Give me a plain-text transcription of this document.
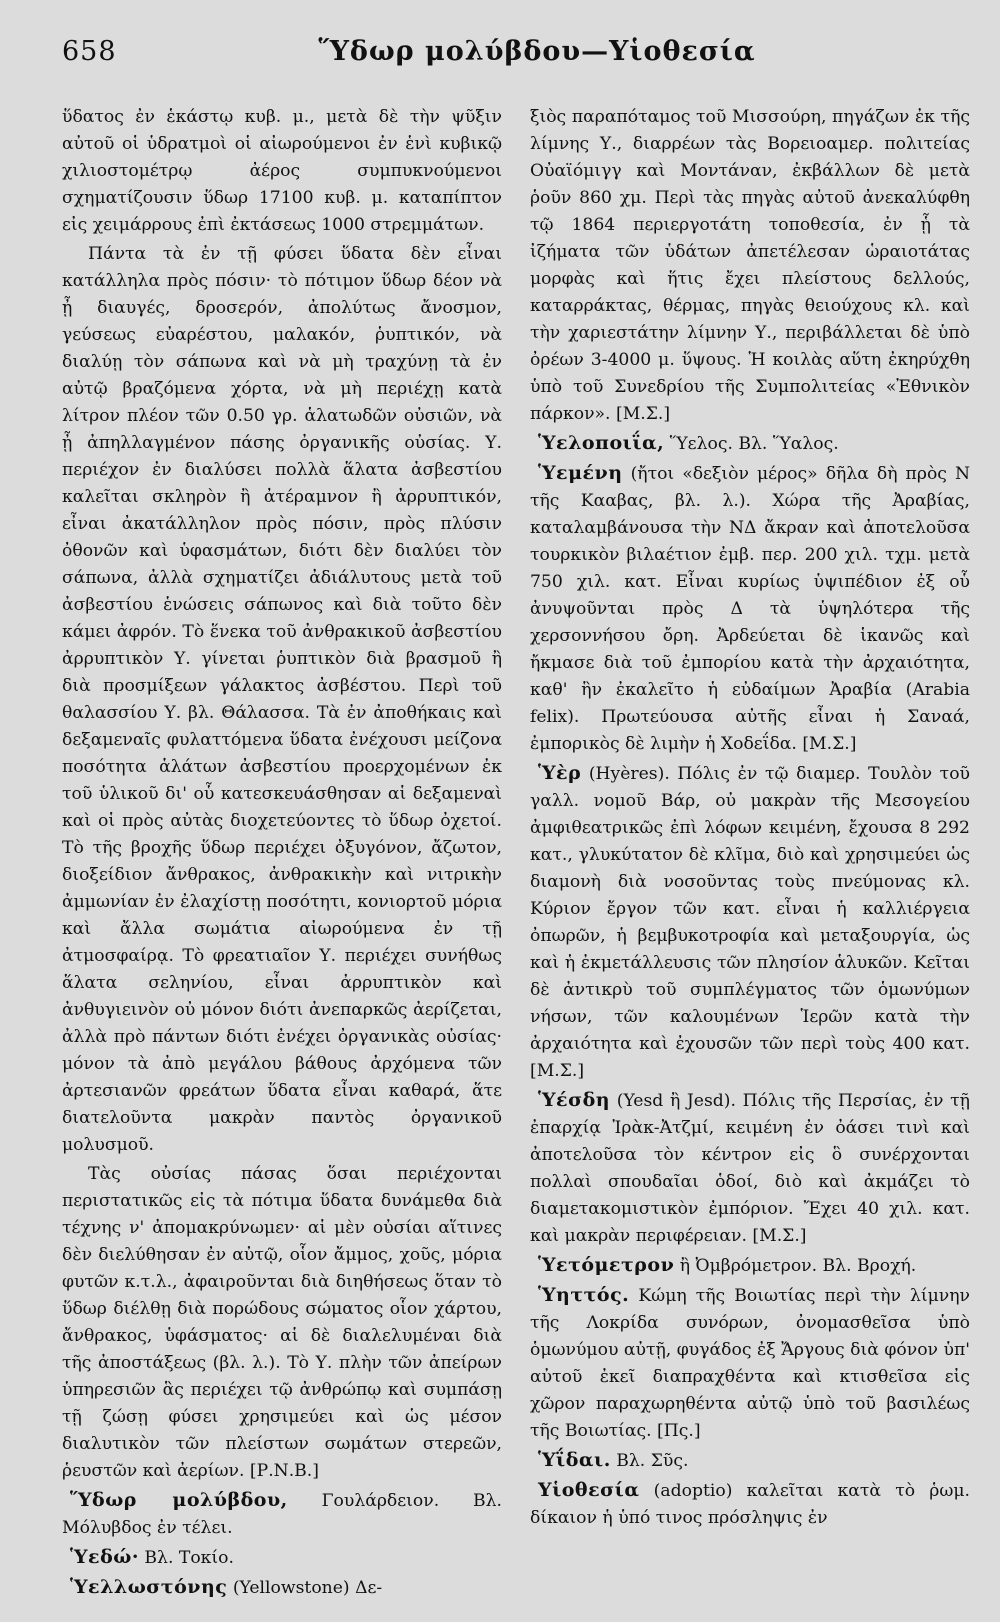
658	Ὕδωρ μολύβδου—Υἱοθεσία

ὕδατος ἐν ἑκάστῳ κυβ. μ., μετὰ δὲ τὴν ψῦξιν αὐτοῦ οἱ ὑδρατμοὶ οἱ αἰωρούμενοι ἐν ἑνὶ κυβικῷ χιλιοστομέτρῳ ἀέρος συμπυκνούμενοι σχηματίζουσιν ὕδωρ 17100 κυβ. μ. καταπίπτον εἰς χειμάρρους ἐπὶ ἐκτάσεως 1000 στρεμμάτων.

Πάντα τὰ ἐν τῇ φύσει ὕδατα δὲν εἶναι κατάλληλα πρὸς πόσιν· τὸ πότιμον ὕδωρ δέον νὰ ᾖ διαυγές, δροσερόν, ἀπολύτως ἄνοσμον, γεύσεως εὐαρέστου, μαλακόν, ῥυπτικόν, νὰ διαλύῃ τὸν σάπωνα καὶ νὰ μὴ τραχύνῃ τὰ ἐν αὐτῷ βραζόμενα χόρτα, νὰ μὴ περιέχῃ κατὰ λίτρον πλέον τῶν 0.50 γρ. ἁλατωδῶν οὐσιῶν, νὰ ᾖ ἀπηλλαγμένον πάσης ὀργανικῆς οὐσίας. Υ. περιέχον ἐν διαλύσει πολλὰ ἅλατα ἀσβεστίου καλεῖται σκληρὸν ἢ ἀτέραμνον ἢ ἀρρυπτικόν, εἶναι ἀκατάλληλον πρὸς πόσιν, πρὸς πλύσιν ὀθονῶν καὶ ὑφασμάτων, διότι δὲν διαλύει τὸν σάπωνα, ἀλλὰ σχηματίζει ἀδιάλυτους μετὰ τοῦ ἀσβεστίου ἑνώσεις σάπωνος καὶ διὰ τοῦτο δὲν κάμει ἀφρόν. Τὸ ἕνεκα τοῦ ἀνθρακικοῦ ἀσβεστίου ἀρρυπτικὸν Υ. γίνεται ῥυπτικὸν διὰ βρασμοῦ ἢ διὰ προσμίξεων γάλακτος ἀσβέστου. Περὶ τοῦ θαλασσίου Υ. βλ. Θάλασσα. Τὰ ἐν ἀποθήκαις καὶ δεξαμεναῖς φυλαττόμενα ὕδατα ἐνέχουσι μείζονα ποσότητα ἁλάτων ἀσβεστίου προερχομένων ἐκ τοῦ ὑλικοῦ δι' οὗ κατεσκευάσθησαν αἱ δεξαμεναὶ καὶ οἱ πρὸς αὐτὰς διοχετεύοντες τὸ ὕδωρ ὀχετοί. Τὸ τῆς βροχῆς ὕδωρ περιέχει ὀξυγόνον, ἄζωτον, διοξείδιον ἄνθρακος, ἀνθρακικὴν καὶ νιτρικὴν ἀμμωνίαν ἐν ἐλαχίστῃ ποσότητι, κονιορτοῦ μόρια καὶ ἄλλα σωμάτια αἰωρούμενα ἐν τῇ ἀτμοσφαίρᾳ. Τὸ φρεατιαῖον Υ. περιέχει συνήθως ἅλατα σεληνίου, εἶναι ἀρρυπτικὸν καὶ ἀνθυγιεινὸν οὐ μόνον διότι ἀνεπαρκῶς ἀερίζεται, ἀλλὰ πρὸ πάντων διότι ἐνέχει ὀργανικὰς οὐσίας· μόνον τὰ ἀπὸ μεγάλου βάθους ἀρχόμενα τῶν ἀρτεσιανῶν φρεάτων ὕδατα εἶναι καθαρά, ἅτε διατελοῦντα μακρὰν παντὸς ὀργανικοῦ μολυσμοῦ.

Τὰς οὐσίας πάσας ὅσαι περιέχονται περιστατικῶς εἰς τὰ πότιμα ὕδατα δυνάμεθα διὰ τέχνης ν' ἀπομακρύνωμεν· αἱ μὲν οὐσίαι αἵτινες δὲν διελύθησαν ἐν αὐτῷ, οἷον ἄμμος, χοῦς, μόρια φυτῶν κ.τ.λ., ἀφαιροῦνται διὰ διηθήσεως ὅταν τὸ ὕδωρ διέλθῃ διὰ πορώδους σώματος οἷον χάρτου, ἄνθρακος, ὑφάσματος· αἱ δὲ διαλελυμέναι διὰ τῆς ἀποστάξεως (βλ. λ.). Τὸ Υ. πλὴν τῶν ἀπείρων ὑπηρεσιῶν ἃς περιέχει τῷ ἀνθρώπῳ καὶ συμπάσῃ τῇ ζώσῃ φύσει χρησιμεύει καὶ ὡς μέσον διαλυτικὸν τῶν πλείστων σωμάτων στερεῶν, ῥευστῶν καὶ ἀερίων. [Ρ.Ν.Β.]

Ὕδωρ μολύβδου, Γουλάρδειον. Βλ. Μόλυβδος ἐν τέλει.

Ὑεδώ· Βλ. Τοκίο.

Ὑελλωστόνης (Yellowstone) Δε-

ξιὸς παραπόταμος τοῦ Μισσούρη, πηγάζων ἐκ τῆς λίμνης Υ., διαρρέων τὰς Βορειοαμερ. πολιτείας Οὐαϊόμιγγ καὶ Μοντάναν, ἐκβάλλων δὲ μετὰ ῥοῦν 860 χμ. Περὶ τὰς πηγὰς αὐτοῦ ἀνεκαλύφθη τῷ 1864 περιεργοτάτη τοποθεσία, ἐν ᾗ τὰ ἰζήματα τῶν ὑδάτων ἀπετέλεσαν ὡραιοτάτας μορφὰς καὶ ἥτις ἔχει πλείστους δελλούς, καταρράκτας, θέρμας, πηγὰς θειούχους κλ. καὶ τὴν χαριεστάτην λίμνην Υ., περιβάλλεται δὲ ὑπὸ ὀρέων 3-4000 μ. ὕψους. Ἡ κοιλὰς αὕτη ἐκηρύχθη ὑπὸ τοῦ Συνεδρίου τῆς Συμπολιτείας «Ἐθνικὸν πάρκον». [Μ.Σ.]

Ὑελοποιΐα, Ὕελος. Βλ. Ὕαλος.

Ὑεμένη (ἤτοι «δεξιὸν μέρος» δῆλα δὴ πρὸς Ν τῆς Κααβας, βλ. λ.). Χώρα τῆς Ἀραβίας, καταλαμβάνουσα τὴν ΝΔ ἄκραν καὶ ἀποτελοῦσα τουρκικὸν βιλαέτιον ἐμβ. περ. 200 χιλ. τχμ. μετὰ 750 χιλ. κατ. Εἶναι κυρίως ὑψιπέδιον ἐξ οὗ ἀνυψοῦνται πρὸς Δ τὰ ὑψηλότερα τῆς χερσοννήσου ὄρη. Ἀρδεύεται δὲ ἱκανῶς καὶ ἤκμασε διὰ τοῦ ἐμπορίου κατὰ τὴν ἀρχαιότητα, καθ' ἣν ἐκαλεῖτο ἡ εὐδαίμων Ἀραβία (Arabia felix). Πρωτεύουσα αὐτῆς εἶναι ἡ Σαναά, ἐμπορικὸς δὲ λιμὴν ἡ Χοδεΐδα. [Μ.Σ.]

Ὑὲρ (Hyères). Πόλις ἐν τῷ διαμερ. Τουλὸν τοῦ γαλλ. νομοῦ Βάρ, οὐ μακρὰν τῆς Μεσογείου ἀμφιθεατρικῶς ἐπὶ λόφων κειμένη, ἔχουσα 8 292 κατ., γλυκύτατον δὲ κλῖμα, διὸ καὶ χρησιμεύει ὡς διαμονὴ διὰ νοσοῦντας τοὺς πνεύμονας κλ. Κύριον ἔργον τῶν κατ. εἶναι ἡ καλλιέργεια ὀπωρῶν, ἡ βεμβυκοτροφία καὶ μεταξουργία, ὡς καὶ ἡ ἐκμετάλλευσις τῶν πλησίον ἁλυκῶν. Κεῖται δὲ ἀντικρὺ τοῦ συμπλέγματος τῶν ὁμωνύμων νήσων, τῶν καλουμένων Ἱερῶν κατὰ τὴν ἀρχαιότητα καὶ ἐχουσῶν τῶν περὶ τοὺς 400 κατ. [Μ.Σ.]

Ὑέσδη (Yesd ἢ Jesd). Πόλις τῆς Περσίας, ἐν τῇ ἐπαρχίᾳ Ἰρὰκ-Ἀτζμί, κειμένη ἐν ὀάσει τινὶ καὶ ἀποτελοῦσα τὸν κέντρον εἰς ὃ συνέρχονται πολλαὶ σπουδαῖαι ὁδοί, διὸ καὶ ἀκμάζει τὸ διαμετακομιστικὸν ἐμπόριον. Ἔχει 40 χιλ. κατ. καὶ μακρὰν περιφέρειαν. [Μ.Σ.]

Ὑετόμετρον ἢ Ὀμβρόμετρον. Βλ. Βροχή.

Ὑηττός. Κώμη τῆς Βοιωτίας περὶ τὴν λίμνην τῆς Λοκρίδα συνόρων, ὀνομασθεῖσα ὑπὸ ὁμωνύμου αὐτῇ, φυγάδος ἐξ Ἄργους διὰ φόνον ὑπ' αὐτοῦ ἐκεῖ διαπραχθέντα καὶ κτισθεῖσα εἰς χῶρον παραχωρηθέντα αὐτῷ ὑπὸ τοῦ βασιλέως τῆς Βοιωτίας. [Πς.]

Ὑΐδαι. Βλ. Σῦς.

Υἱοθεσία (adoptio) καλεῖται κατὰ τὸ ῥωμ. δίκαιον ἡ ὑπό τινος πρόσληψις ἐν
